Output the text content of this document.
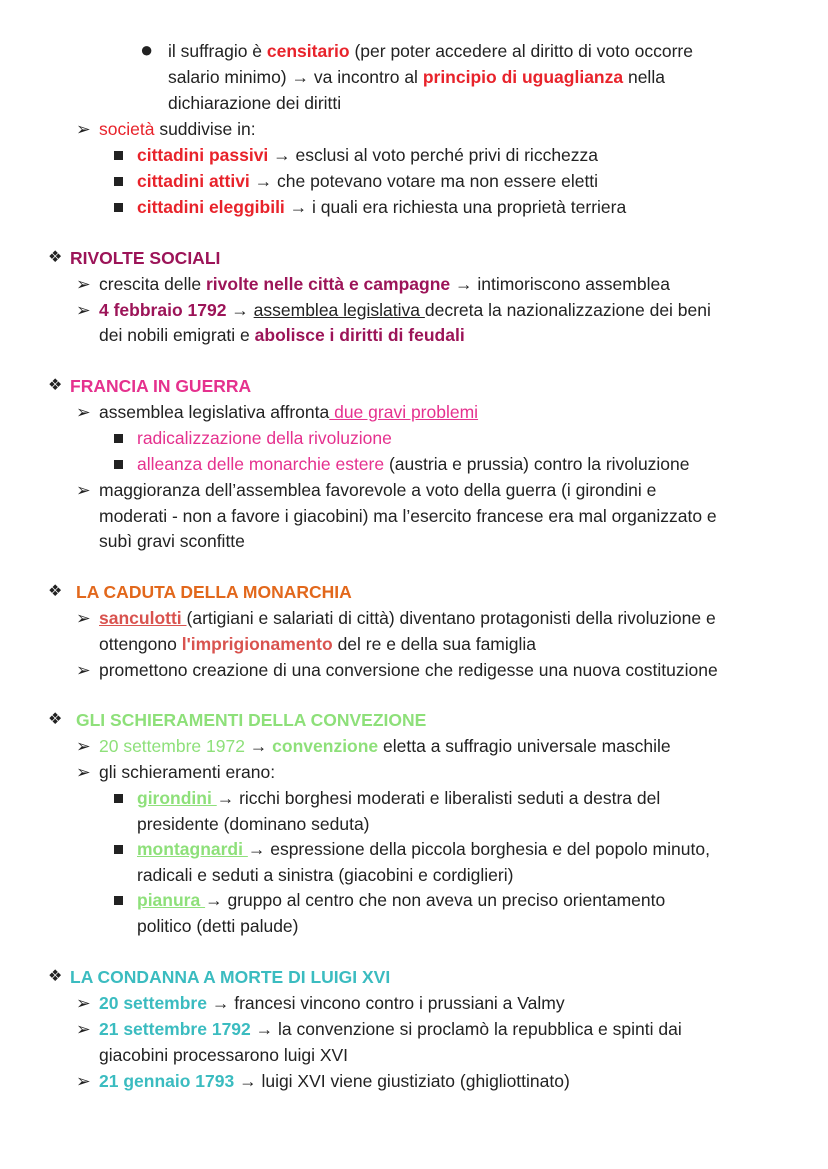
● il suffragio è censitario (per poter accedere al diritto di voto occorre
salario minimo) → va incontro al principio di uguaglianza nella
dichiarazione dei diritti
➢ società suddivise in:
cittadini passivi → esclusi al voto perché privi di ricchezza
cittadini attivi → che potevano votare ma non essere eletti
cittadini eleggibili → i quali era richiesta una proprietà terriera
❖ RIVOLTE SOCIALI
➢ crescita delle rivolte nelle città e campagne → intimoriscono assemblea
➢ 4 febbraio 1792 → assemblea legislativa decreta la nazionalizzazione dei beni
dei nobili emigrati e abolisce i diritti di feudali
❖ FRANCIA IN GUERRA
➢ assemblea legislativa affronta due gravi problemi
radicalizzazione della rivoluzione
alleanza delle monarchie estere (austria e prussia) contro la rivoluzione
➢ maggioranza dell’assemblea favorevole a voto della guerra (i girondini e
moderati - non a favore i giacobini) ma l’esercito francese era mal organizzato e
subì gravi sconfitte
❖ LA CADUTA DELLA MONARCHIA
➢ sanculotti (artigiani e salariati di città) diventano protagonisti della rivoluzione e
ottengono l'imprigionamento del re e della sua famiglia
➢ promettono creazione di una conversione che redigesse una nuova costituzione
❖ GLI SCHIERAMENTI DELLA CONVEZIONE
➢ 20 settembre 1972 → convenzione eletta a suffragio universale maschile
➢ gli schieramenti erano:
girondini → ricchi borghesi moderati e liberalisti seduti a destra del
presidente (dominano seduta)
montagnardi → espressione della piccola borghesia e del popolo minuto,
radicali e seduti a sinistra (giacobini e cordiglieri)
pianura → gruppo al centro che non aveva un preciso orientamento
politico (detti palude)
❖ LA CONDANNA A MORTE DI LUIGI XVI
➢ 20 settembre → francesi vincono contro i prussiani a Valmy
➢ 21 settembre 1792 → la convenzione si proclamò la repubblica e spinti dai
giacobini processarono luigi XVI
➢ 21 gennaio 1793 → luigi XVI viene giustiziato (ghigliottinato)
